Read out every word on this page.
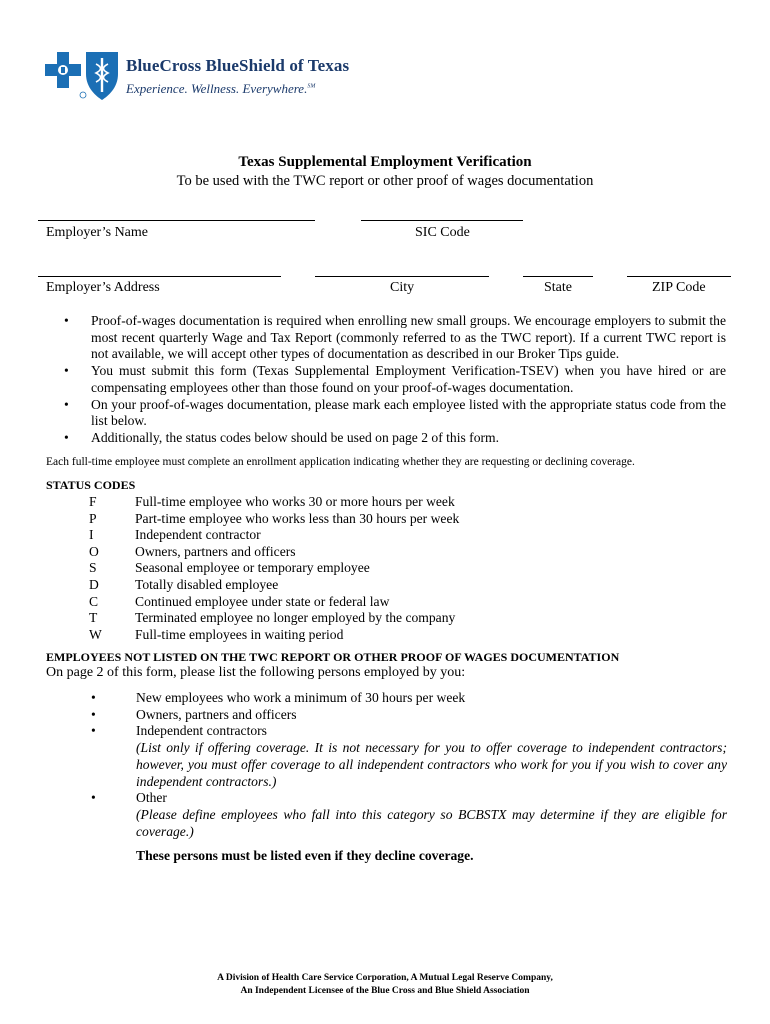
BlueCross BlueShield of Texas
Experience. Wellness. Everywhere.℠
Texas Supplemental Employment Verification
To be used with the TWC report or other proof of wages documentation
Employer’s Name	SIC Code
Employer’s Address	City	State	ZIP Code
• Proof-of-wages documentation is required when enrolling new small groups. We encourage employers to submit the most recent quarterly Wage and Tax Report (commonly referred to as the TWC report). If a current TWC report is not available, we will accept other types of documentation as described in our Broker Tips guide.
• You must submit this form (Texas Supplemental Employment Verification-TSEV) when you have hired or are compensating employees other than those found on your proof-of-wages documentation.
• On your proof-of-wages documentation, please mark each employee listed with the appropriate status code from the list below.
• Additionally, the status codes below should be used on page 2 of this form.
Each full-time employee must complete an enrollment application indicating whether they are requesting or declining coverage.
STATUS CODES
F	Full-time employee who works 30 or more hours per week
P	Part-time employee who works less than 30 hours per week
I	Independent contractor
O	Owners, partners and officers
S	Seasonal employee or temporary employee
D	Totally disabled employee
C	Continued employee under state or federal law
T	Terminated employee no longer employed by the company
W Full-time employees in waiting period
EMPLOYEES NOT LISTED ON THE TWC REPORT OR OTHER PROOF OF WAGES DOCUMENTATION
On page 2 of this form, please list the following persons employed by you:
•	New employees who work a minimum of 30 hours per week
•	Owners, partners and officers
•	Independent contractors
(List only if offering coverage. It is not necessary for you to offer coverage to independent contractors; however, you must offer coverage to all independent contractors who work for you if you wish to cover any independent contractors.)
•	Other
(Please define employees who fall into this category so BCBSTX may determine if they are eligible for coverage.)
These persons must be listed even if they decline coverage.
A Division of Health Care Service Corporation, A Mutual Legal Reserve Company,
An Independent Licensee of the Blue Cross and Blue Shield Association
